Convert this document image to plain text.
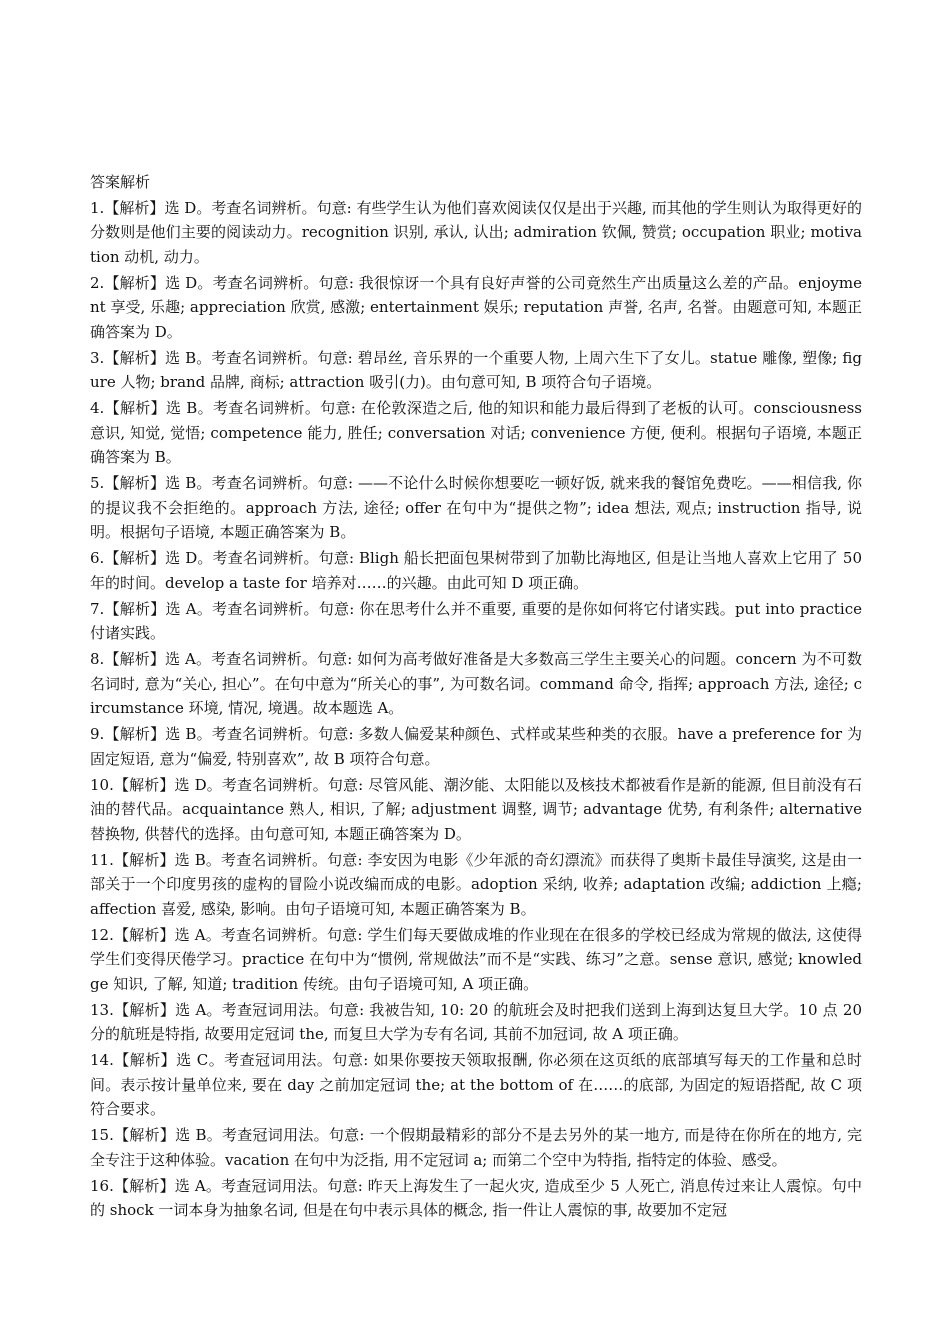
答案解析

1.【解析】选 D。考查名词辨析。句意: 有些学生认为他们喜欢阅读仅仅是出于兴趣, 而其他的学生则认为取得更好的分数则是他们主要的阅读动力。recognition 识别, 承认, 认出; admiration 钦佩, 赞赏; occupation 职业; motivation 动机, 动力。

2.【解析】选 D。考查名词辨析。句意: 我很惊讶一个具有良好声誉的公司竟然生产出质量这么差的产品。enjoyment 享受, 乐趣; appreciation 欣赏, 感激; entertainment 娱乐; reputation 声誉, 名声, 名誉。由题意可知, 本题正确答案为 D。

3.【解析】选 B。考查名词辨析。句意: 碧昂丝, 音乐界的一个重要人物, 上周六生下了女儿。statue 雕像, 塑像; figure 人物; brand 品牌, 商标; attraction 吸引(力)。由句意可知, B 项符合句子语境。

4.【解析】选 B。考查名词辨析。句意: 在伦敦深造之后, 他的知识和能力最后得到了老板的认可。consciousness 意识, 知觉, 觉悟; competence 能力, 胜任; conversation 对话; convenience 方便, 便利。根据句子语境, 本题正确答案为 B。

5.【解析】选 B。考查名词辨析。句意: ——不论什么时候你想要吃一顿好饭, 就来我的餐馆免费吃。——相信我, 你的提议我不会拒绝的。approach 方法, 途径; offer 在句中为“提供之物”; idea 想法, 观点; instruction 指导, 说明。根据句子语境, 本题正确答案为 B。

6.【解析】选 D。考查名词辨析。句意: Bligh 船长把面包果树带到了加勒比海地区, 但是让当地人喜欢上它用了 50 年的时间。develop a taste for 培养对……的兴趣。由此可知 D 项正确。

7.【解析】选 A。考查名词辨析。句意: 你在思考什么并不重要, 重要的是你如何将它付诸实践。put into practice 付诸实践。

8.【解析】选 A。考查名词辨析。句意: 如何为高考做好准备是大多数高三学生主要关心的问题。concern 为不可数名词时, 意为“关心, 担心”。在句中意为“所关心的事”, 为可数名词。command 命令, 指挥; approach 方法, 途径; circumstance 环境, 情况, 境遇。故本题选 A。

9.【解析】选 B。考查名词辨析。句意: 多数人偏爱某种颜色、式样或某些种类的衣服。have a preference for 为固定短语, 意为“偏爱, 特别喜欢”, 故 B 项符合句意。

10.【解析】选 D。考查名词辨析。句意: 尽管风能、潮汐能、太阳能以及核技术都被看作是新的能源, 但目前没有石油的替代品。acquaintance 熟人, 相识, 了解; adjustment 调整, 调节; advantage 优势, 有利条件; alternative 替换物, 供替代的选择。由句意可知, 本题正确答案为 D。

11.【解析】选 B。考查名词辨析。句意: 李安因为电影《少年派的奇幻漂流》而获得了奥斯卡最佳导演奖, 这是由一部关于一个印度男孩的虚构的冒险小说改编而成的电影。adoption 采纳, 收养; adaptation 改编; addiction 上瘾; affection 喜爱, 感染, 影响。由句子语境可知, 本题正确答案为 B。

12.【解析】选 A。考查名词辨析。句意: 学生们每天要做成堆的作业现在在很多的学校已经成为常规的做法, 这使得学生们变得厌倦学习。practice 在句中为“惯例, 常规做法”而不是“实践、练习”之意。sense 意识, 感觉; knowledge 知识, 了解, 知道; tradition 传统。由句子语境可知, A 项正确。

13.【解析】选 A。考查冠词用法。句意: 我被告知, 10: 20 的航班会及时把我们送到上海到达复旦大学。10 点 20 分的航班是特指, 故要用定冠词 the, 而复旦大学为专有名词, 其前不加冠词, 故 A 项正确。

14.【解析】选 C。考查冠词用法。句意: 如果你要按天领取报酬, 你必须在这页纸的底部填写每天的工作量和总时间。表示按计量单位来, 要在 day 之前加定冠词 the; at the bottom of 在……的底部, 为固定的短语搭配, 故 C 项符合要求。

15.【解析】选 B。考查冠词用法。句意: 一个假期最精彩的部分不是去另外的某一地方, 而是待在你所在的地方, 完全专注于这种体验。vacation 在句中为泛指, 用不定冠词 a; 而第二个空中为特指, 指特定的体验、感受。

16.【解析】选 A。考查冠词用法。句意: 昨天上海发生了一起火灾, 造成至少 5 人死亡, 消息传过来让人震惊。句中的 shock 一词本身为抽象名词, 但是在句中表示具体的概念, 指一件让人震惊的事, 故要加不定冠
